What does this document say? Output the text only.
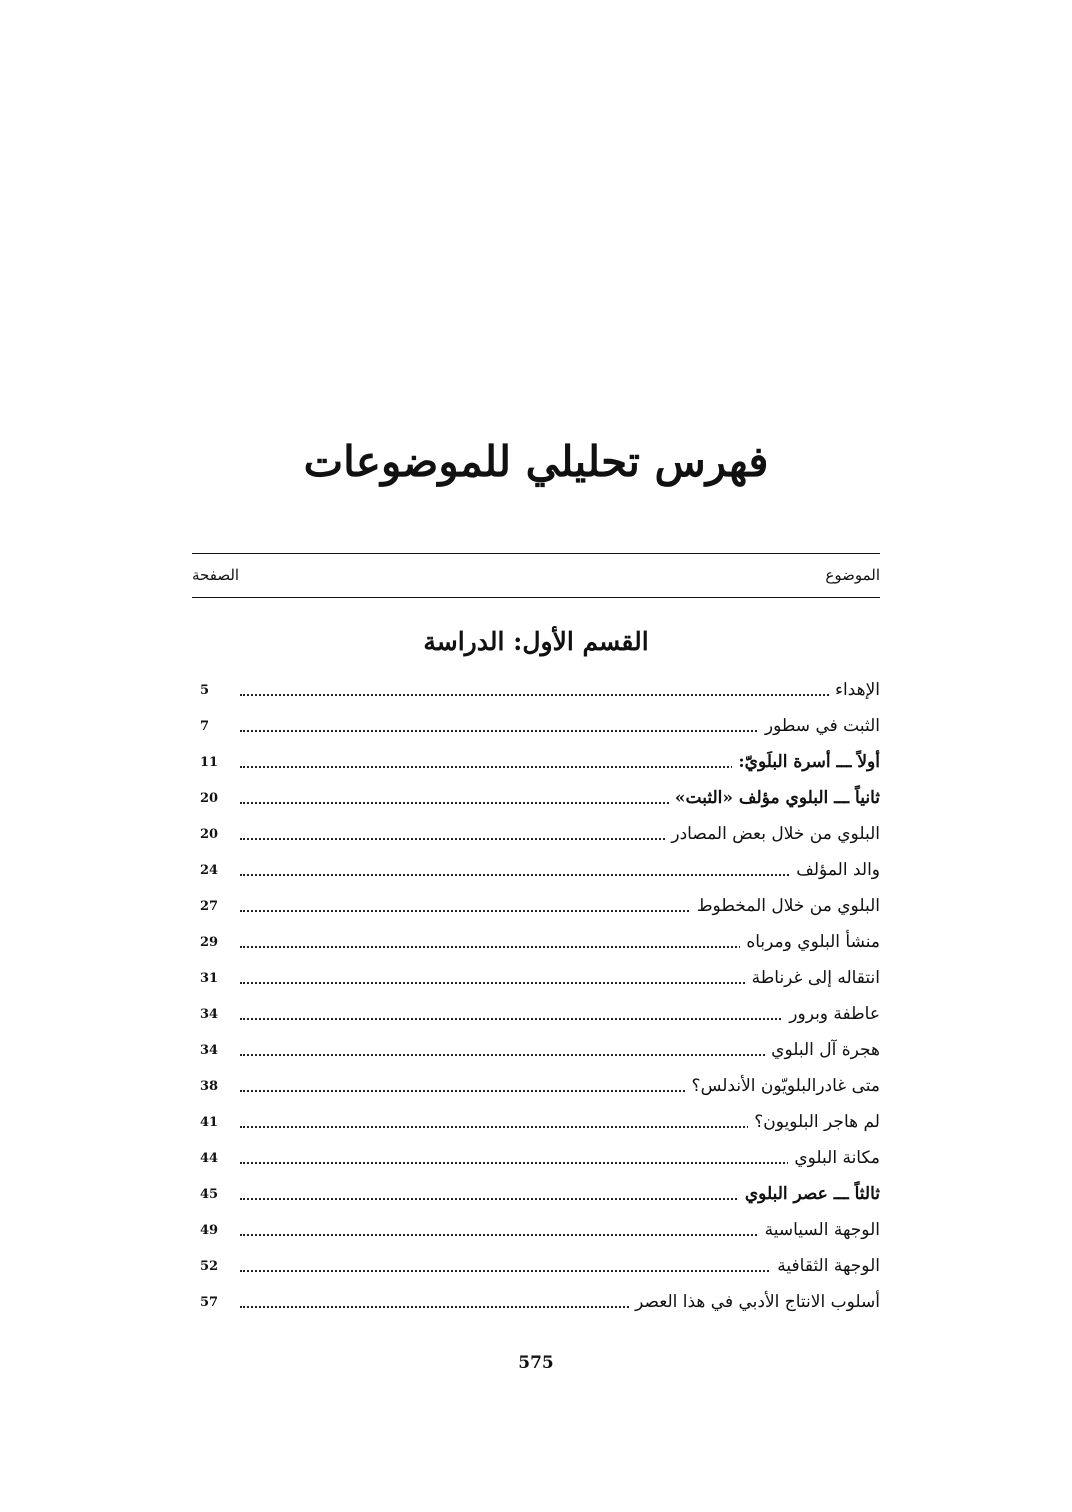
فهرس تحليلي للموضوعات
الموضوع
الصفحة
القسم الأول: الدراسة
الإهداء
5
الثبت في سطور
7
أولاً ـــ أسرة البلَويّ:
11
ثانياً ـــ البلوي مؤلف «الثبت»
20
البلوي من خلال بعض المصادر
20
والد المؤلف
24
البلوي من خلال المخطوط
27
منشأ البلوي ومرباه
29
انتقاله إلى غرناطة
31
عاطفة وبرور
34
هجرة آل البلوي
34
متى غادرالبلويّون الأندلس؟
38
لم هاجر البلويون؟
41
مكانة البلوي
44
ثالثاً ـــ عصر البلوي
45
الوجهة السياسية
49
الوجهة الثقافية
52
أسلوب الانتاج الأدبي في هذا العصر
57
575
